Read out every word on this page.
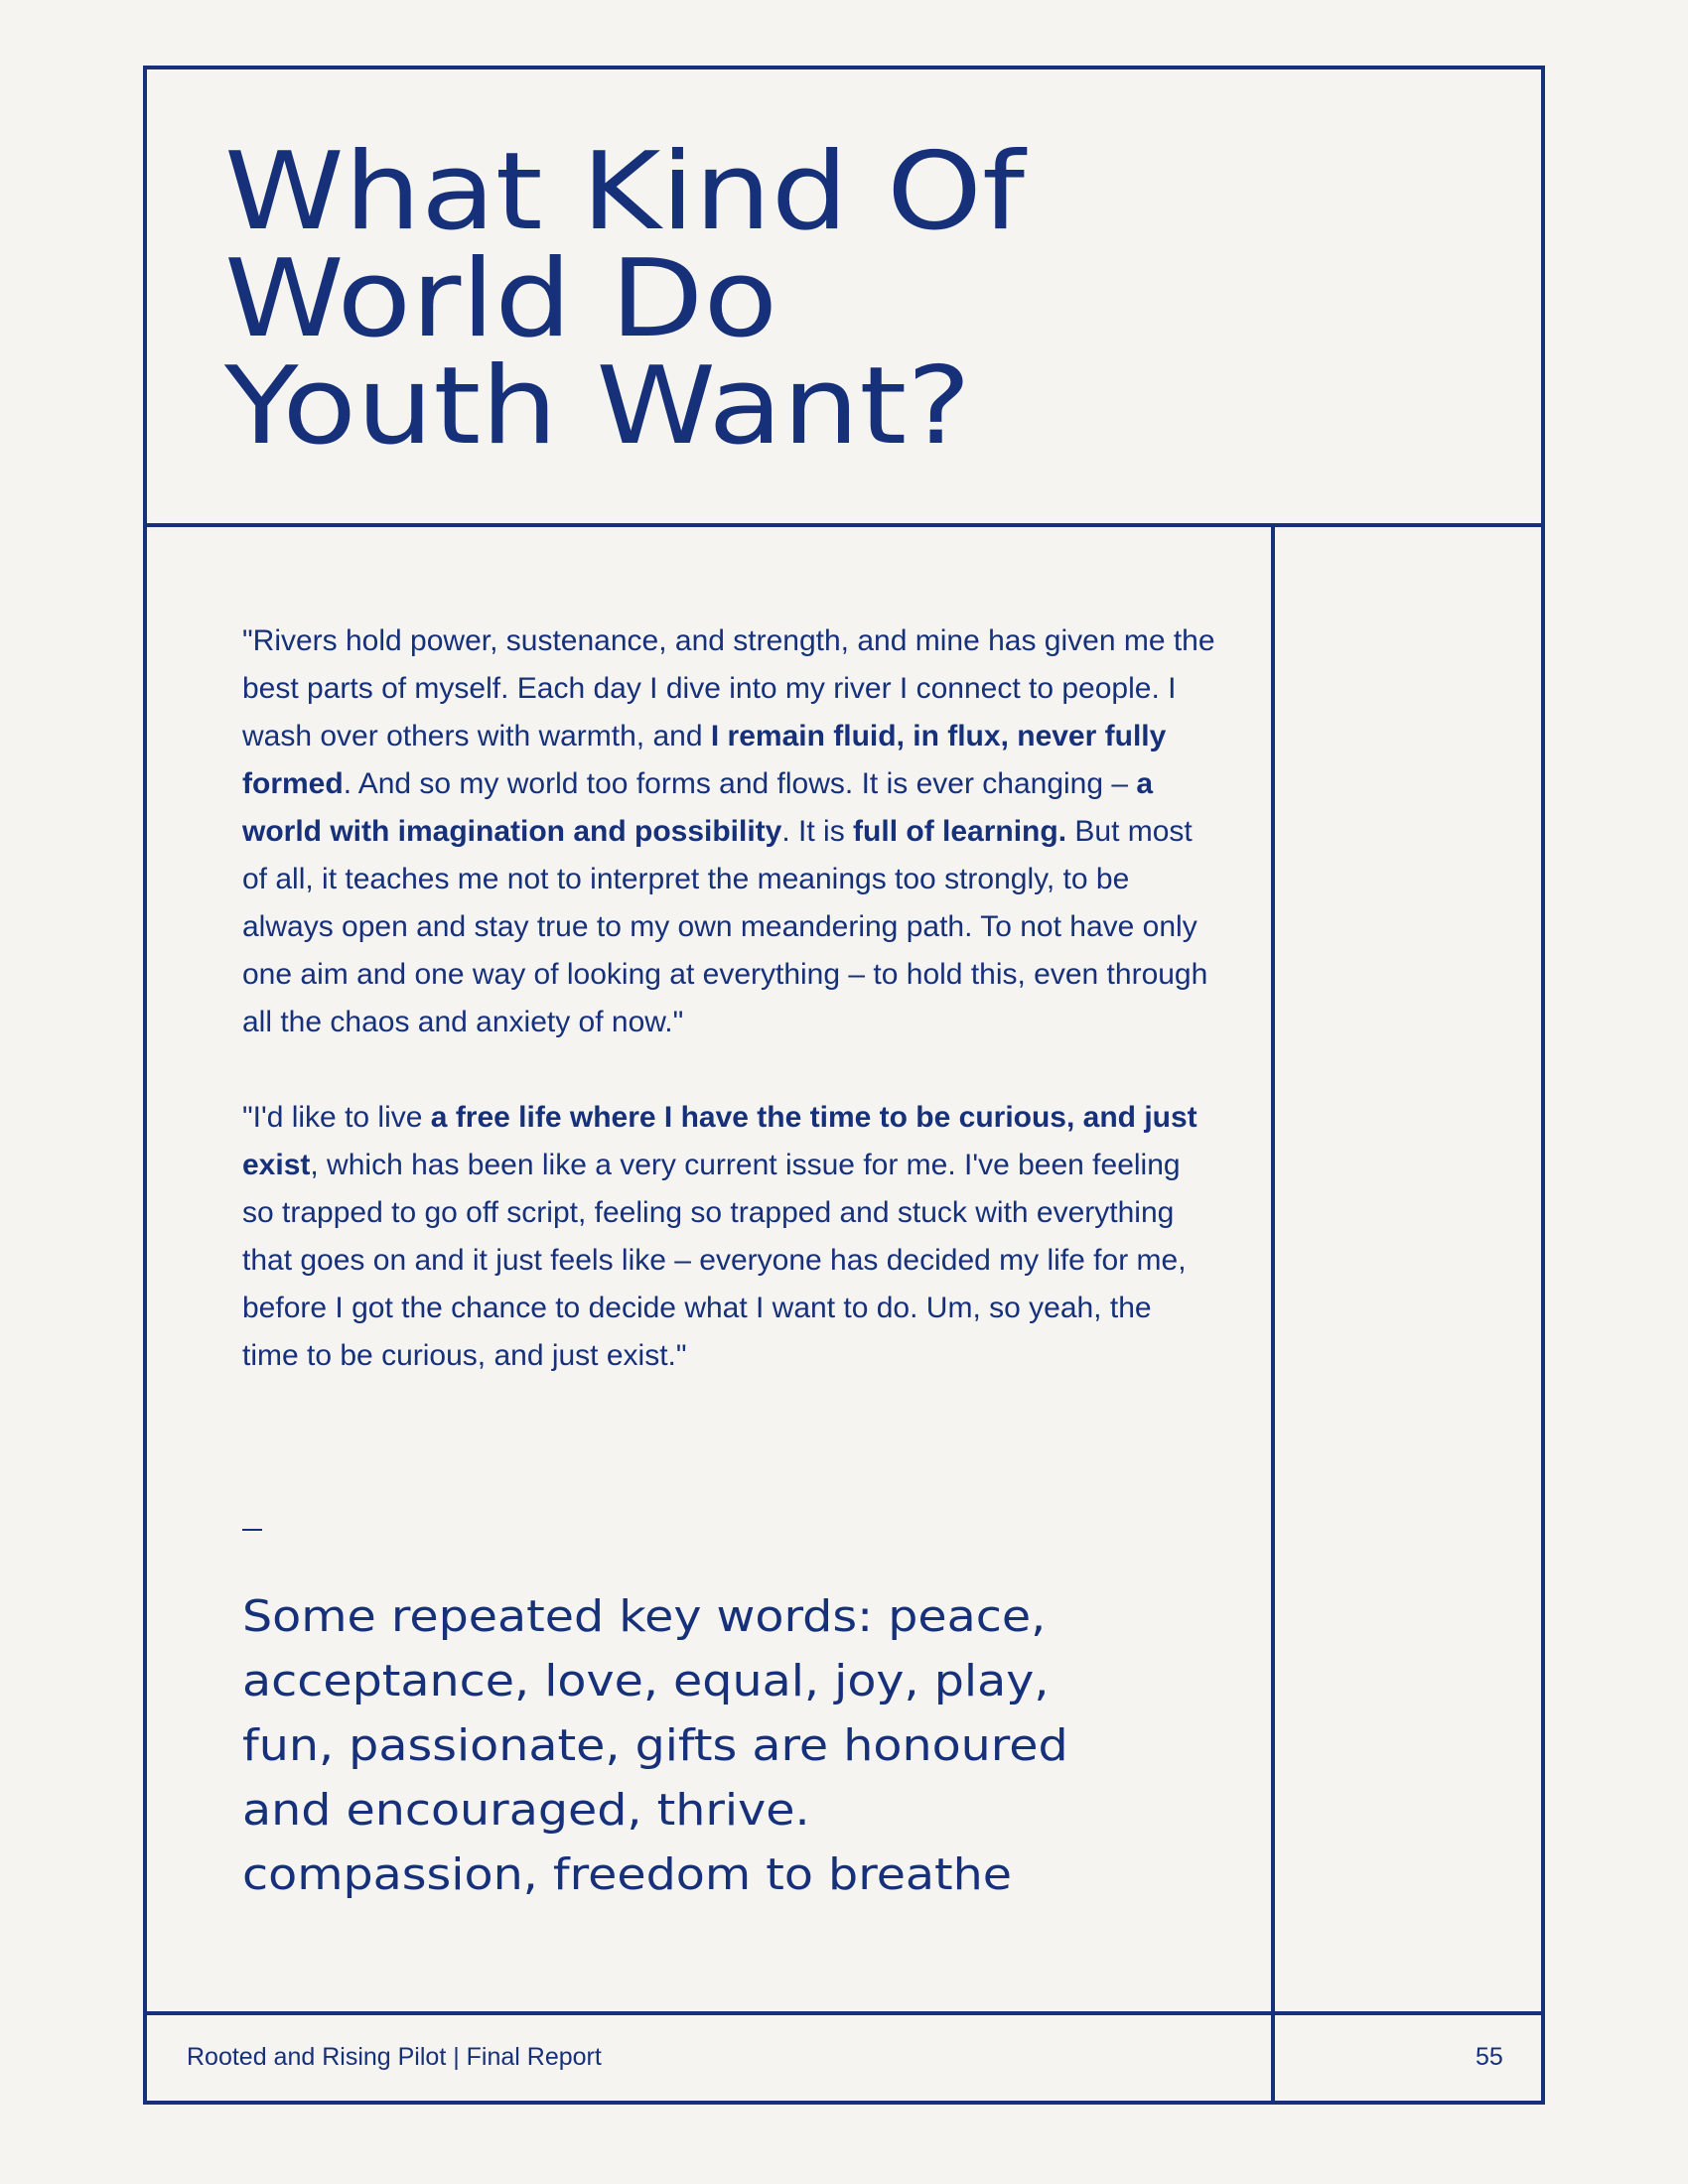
What Kind Of
World Do
Youth Want?

"Rivers hold power, sustenance, and strength, and mine has given me the best parts of myself. Each day I dive into my river I connect to people. I wash over others with warmth, and I remain fluid, in flux, never fully formed. And so my world too forms and flows. It is ever changing – a world with imagination and possibility. It is full of learning. But most of all, it teaches me not to interpret the meanings too strongly, to be always open and stay true to my own meandering path. To not have only one aim and one way of looking at everything – to hold this, even through all the chaos and anxiety of now."

"I'd like to live a free life where I have the time to be curious, and just exist, which has been like a very current issue for me. I've been feeling so trapped to go off script, feeling so trapped and stuck with everything that goes on and it just feels like – everyone has decided my life for me, before I got the chance to decide what I want to do. Um, so yeah, the time to be curious, and just exist."

Some repeated key words: peace,
acceptance, love, equal, joy, play,
fun, passionate, gifts are honoured
and encouraged, thrive.
compassion, freedom to breathe
Rooted and Rising Pilot | Final Report	55
